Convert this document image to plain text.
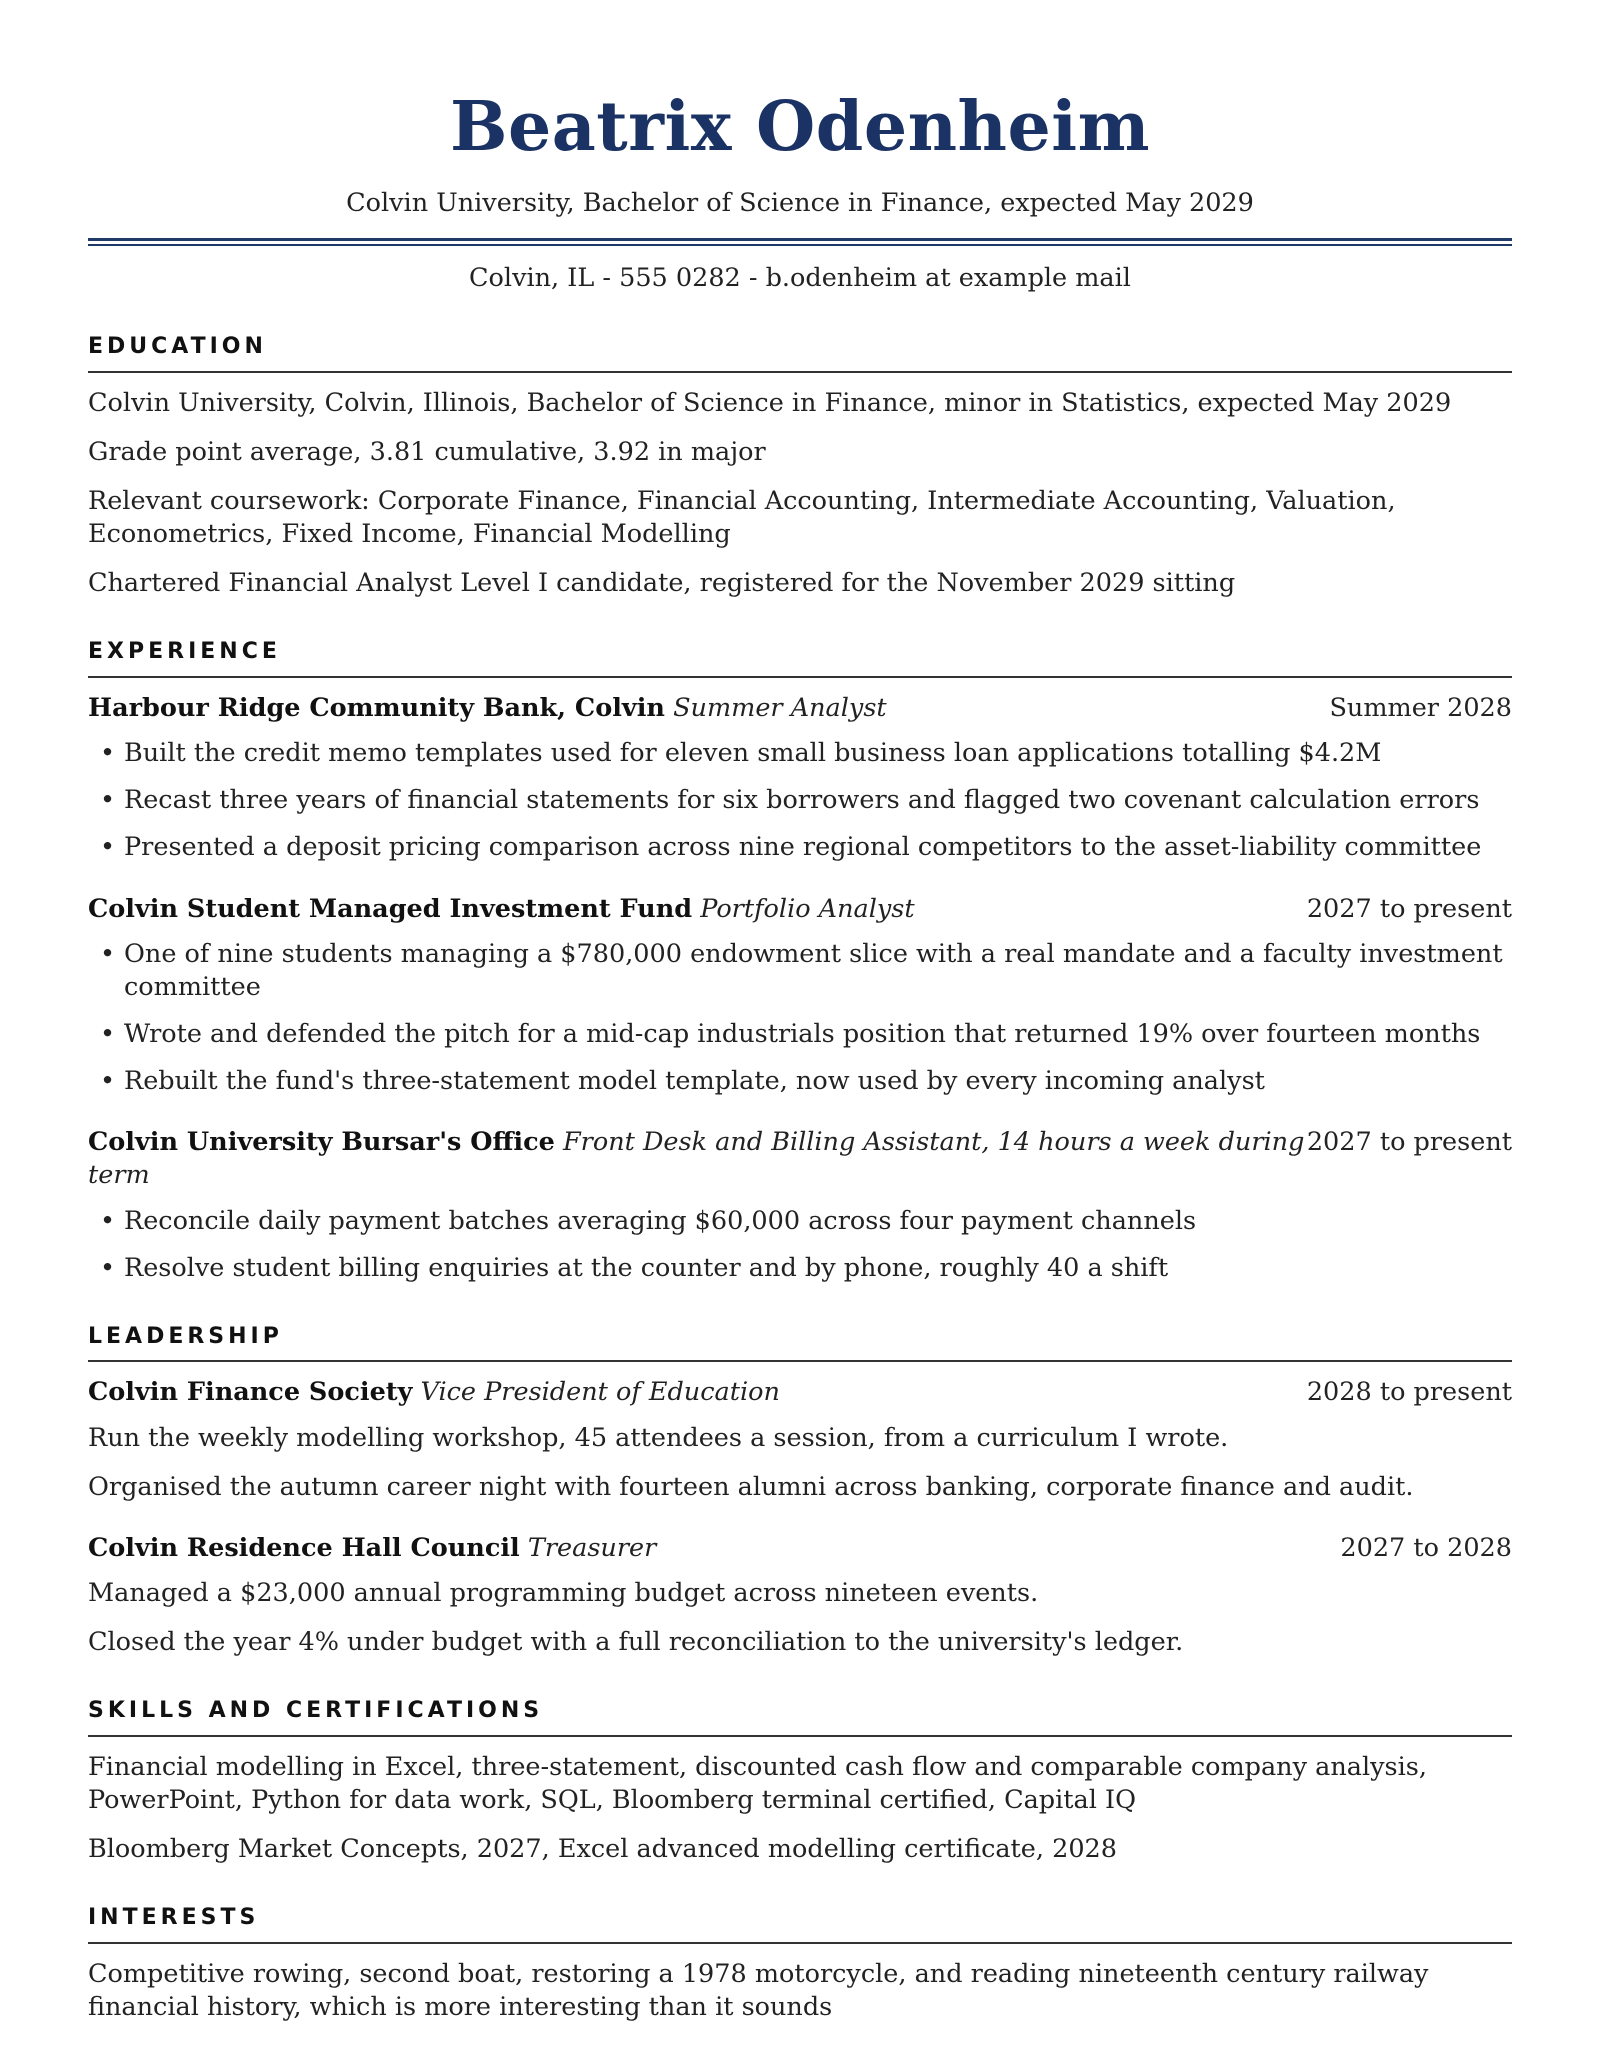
Beatrix Odenheim
Colvin University, Bachelor of Science in Finance, expected May 2029
Colvin, IL - 555 0282 - b.odenheim at example mail
EDUCATION

Colvin University, Colvin, Illinois, Bachelor of Science in Finance, minor in Statistics, expected May 2029

Grade point average, 3.81 cumulative, 3.92 in major

Relevant coursework: Corporate Finance, Financial Accounting, Intermediate Accounting, Valuation, Econometrics, Fixed Income, Financial Modelling

Chartered Financial Analyst Level I candidate, registered for the November 2029 sitting

EXPERIENCE
Harbour Ridge Community Bank, Colvin Summer Analyst	Summer 2028
• Built the credit memo templates used for eleven small business loan applications totalling $4.2M
• Recast three years of financial statements for six borrowers and flagged two covenant calculation errors
• Presented a deposit pricing comparison across nine regional competitors to the asset-liability committee
Colvin Student Managed Investment Fund Portfolio Analyst	2027 to present
• One of nine students managing a $780,000 endowment slice with a real mandate and a faculty investment committee
• Wrote and defended the pitch for a mid-cap industrials position that returned 19% over fourteen months
• Rebuilt the fund's three-statement model template, now used by every incoming analyst
Colvin University Bursar's Office Front Desk and Billing Assistant, 14 hours a week during term
2027 to present
• Reconcile daily payment batches averaging $60,000 across four payment channels
• Resolve student billing enquiries at the counter and by phone, roughly 40 a shift
LEADERSHIP
Colvin Finance Society Vice President of Education	2028 to present

Run the weekly modelling workshop, 45 attendees a session, from a curriculum I wrote.

Organised the autumn career night with fourteen alumni across banking, corporate finance and audit.

Colvin Residence Hall Council Treasurer	2027 to 2028

Managed a $23,000 annual programming budget across nineteen events.

Closed the year 4% under budget with a full reconciliation to the university's ledger.

SKILLS AND CERTIFICATIONS

Financial modelling in Excel, three-statement, discounted cash flow and comparable company analysis, PowerPoint, Python for data work, SQL, Bloomberg terminal certified, Capital IQ

Bloomberg Market Concepts, 2027, Excel advanced modelling certificate, 2028

INTERESTS

Competitive rowing, second boat, restoring a 1978 motorcycle, and reading nineteenth century railway financial history, which is more interesting than it sounds
